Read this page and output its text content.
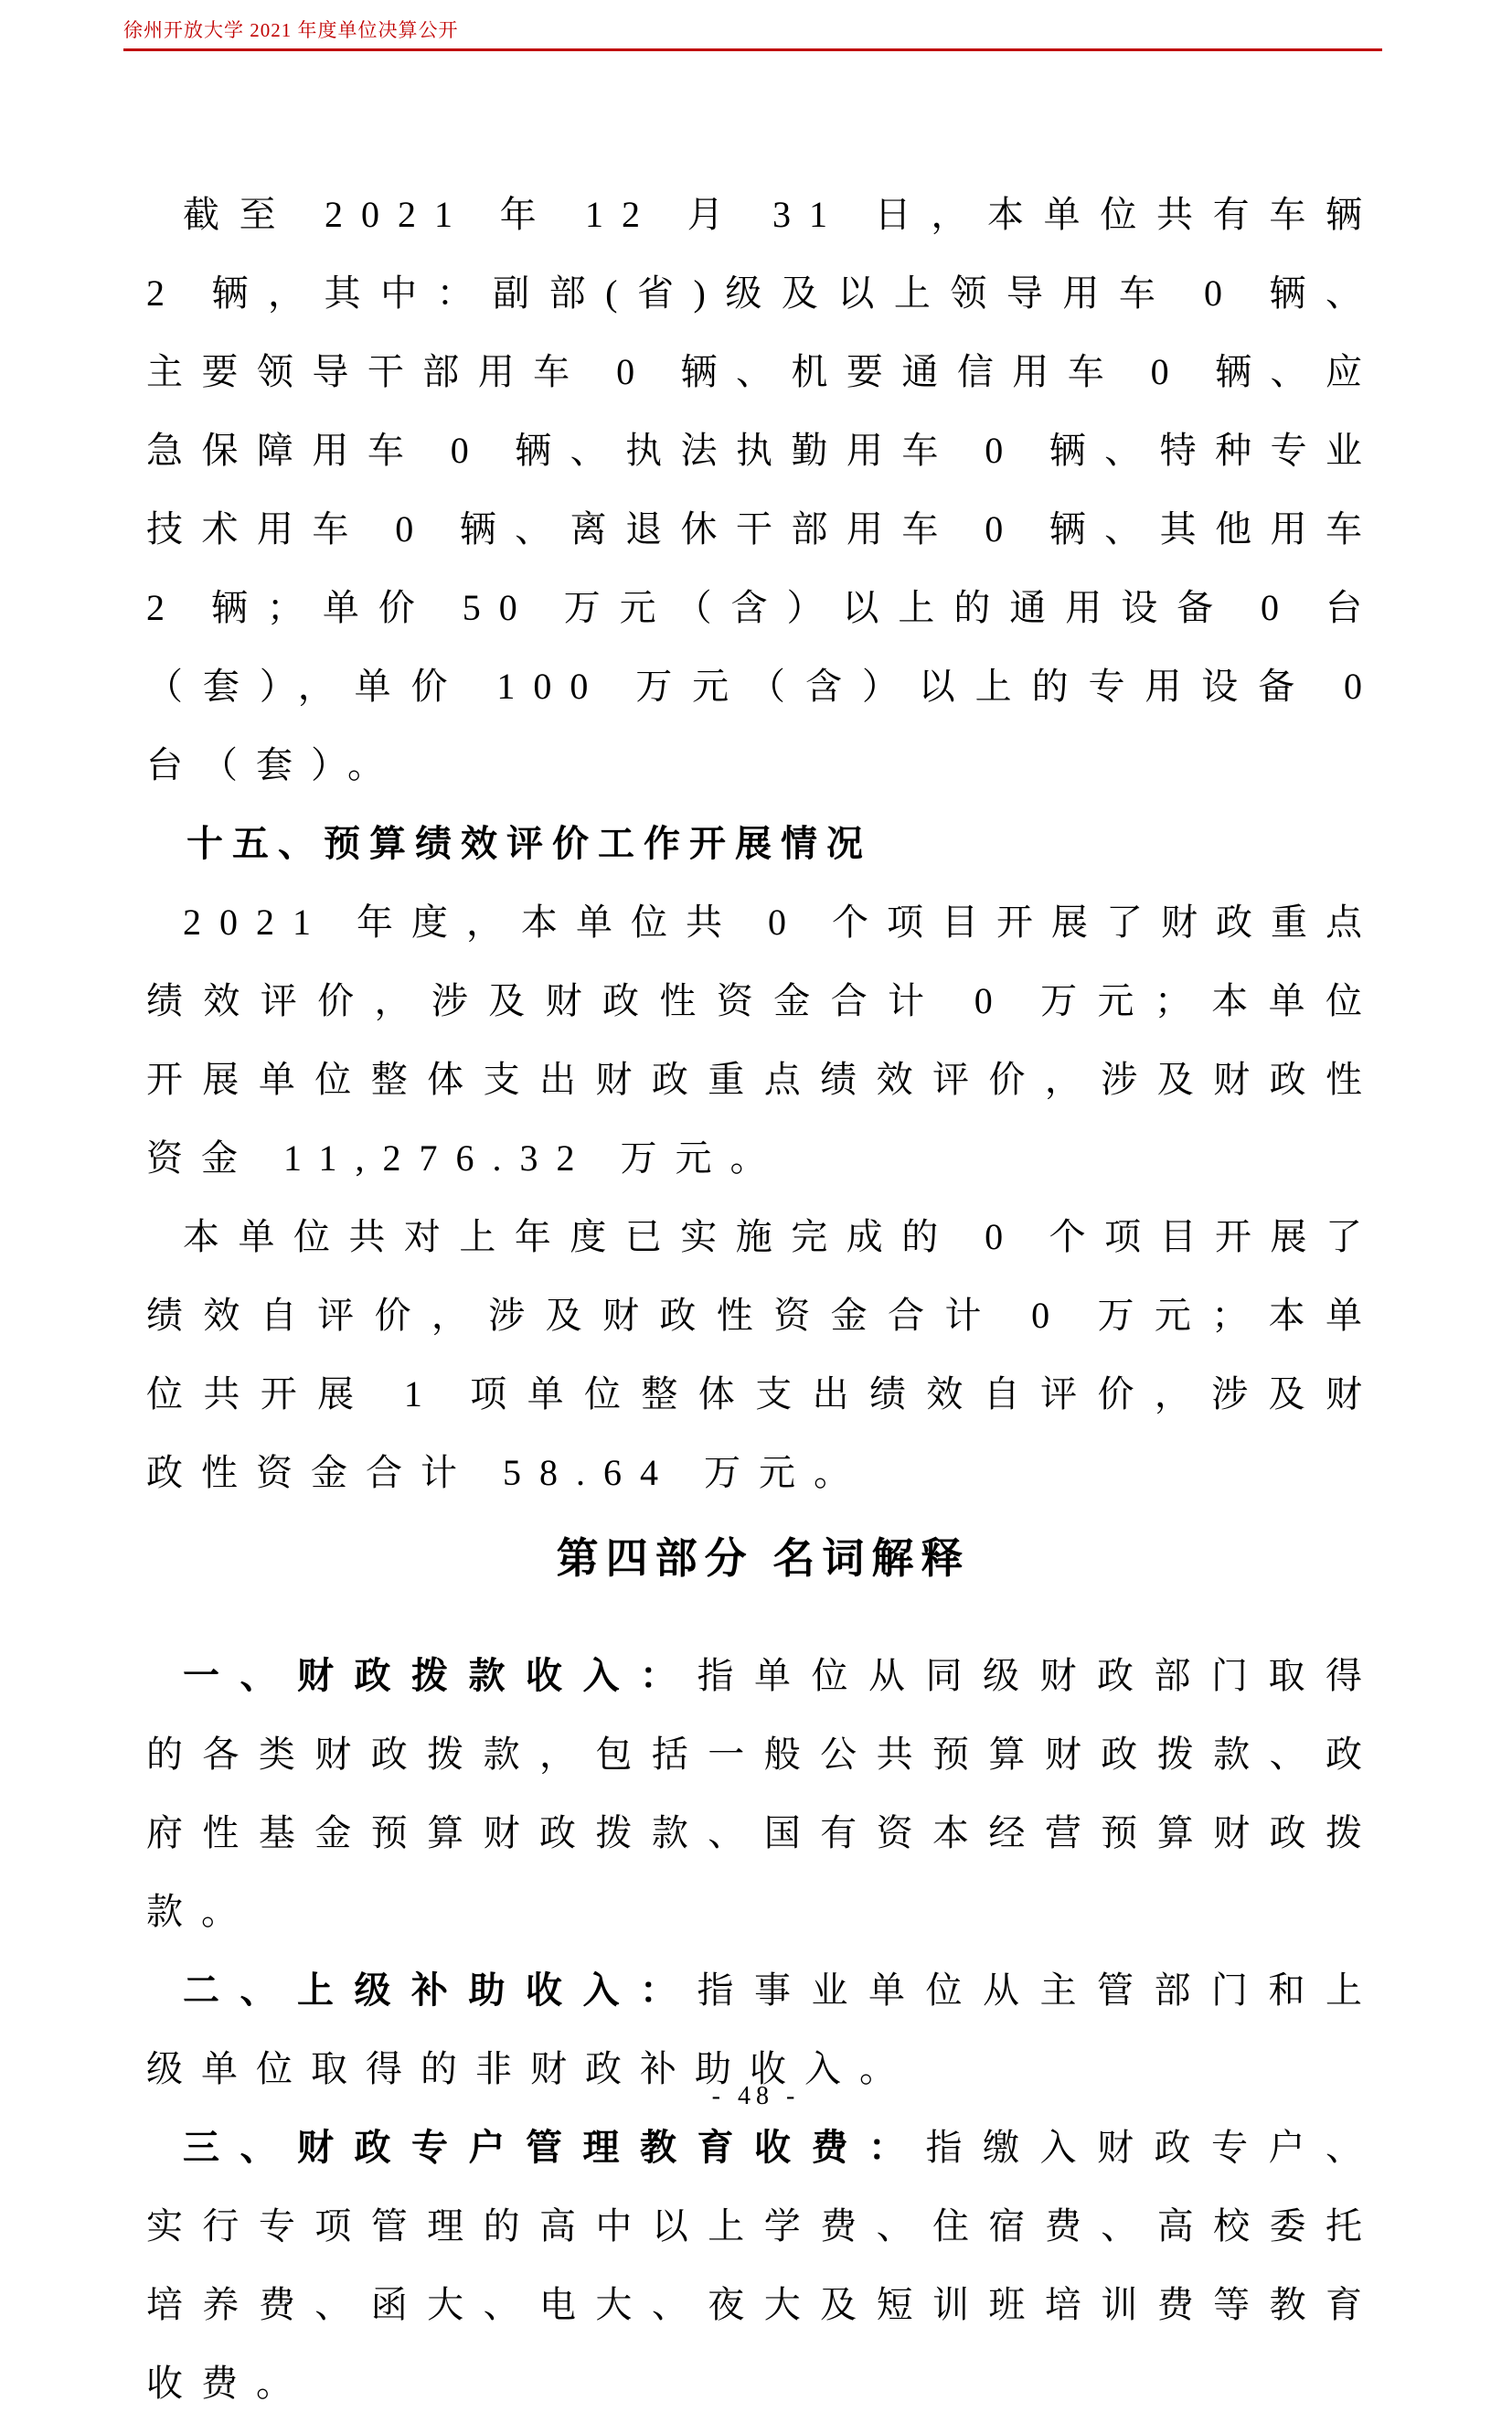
徐州开放大学 2021 年度单位决算公开

截至 2021 年 12 月 31 日，本单位共有车辆 2 辆，其中：副部(省)级及以上领导用车 0 辆、主要领导干部用车 0 辆、机要通信用车 0 辆、应急保障用车 0 辆、执法执勤用车 0 辆、特种专业技术用车 0 辆、离退休干部用车 0 辆、其他用车 2 辆；单价 50 万元（含）以上的通用设备 0 台（套），单价 100 万元（含）以上的专用设备 0 台（套）。

十五、预算绩效评价工作开展情况

2021 年度，本单位共 0 个项目开展了财政重点绩效评价，涉及财政性资金合计 0 万元；本单位开展单位整体支出财政重点绩效评价，涉及财政性资金 11,276.32 万元。

本单位共对上年度已实施完成的 0 个项目开展了绩效自评价，涉及财政性资金合计 0 万元；本单位共开展 1 项单位整体支出绩效自评价，涉及财政性资金合计 58.64 万元。

第四部分 名词解释

一、财政拨款收入：指单位从同级财政部门取得的各类财政拨款，包括一般公共预算财政拨款、政府性基金预算财政拨款、国有资本经营预算财政拨款。

二、上级补助收入：指事业单位从主管部门和上级单位取得的非财政补助收入。

三、财政专户管理教育收费：指缴入财政专户、实行专项管理的高中以上学费、住宿费、高校委托培养费、函大、电大、夜大及短训班培训费等教育收费。

- 48 -
